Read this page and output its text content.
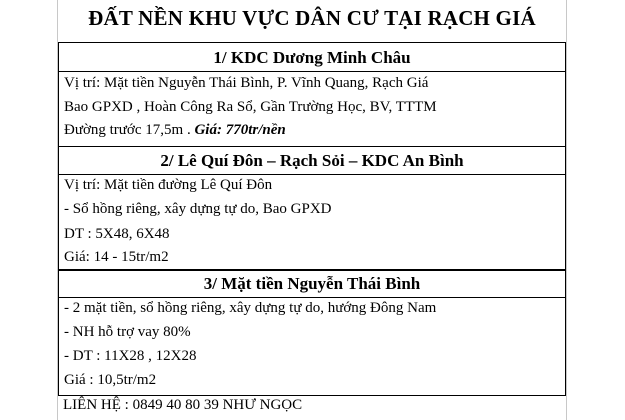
ĐẤT NỀN KHU VỰC DÂN CƯ TẠI RẠCH GIÁ
1/ KDC Dương Minh Châu
Vị trí: Mặt tiền Nguyễn Thái Bình, P. Vĩnh Quang, Rạch Giá
Bao GPXD , Hoàn Công Ra Sổ, Gần Trường Học, BV, TTTM
Đường trước 17,5m . Giá: 770tr/nền
2/ Lê Quí Đôn – Rạch Sỏi – KDC An Bình
Vị trí: Mặt tiền đường Lê Quí Đôn
- Sổ hồng riêng, xây dựng tự do, Bao GPXD
DT : 5X48, 6X48
Giá: 14 - 15tr/m2
3/ Mặt tiền Nguyễn Thái Bình
- 2 mặt tiền, sổ hồng riêng, xây dựng tự do, hướng Đông Nam
- NH hỗ trợ vay 80%
- DT : 11X28 , 12X28
Giá : 10,5tr/m2
LIÊN HỆ : 0849 40 80 39 NHƯ NGỌC
